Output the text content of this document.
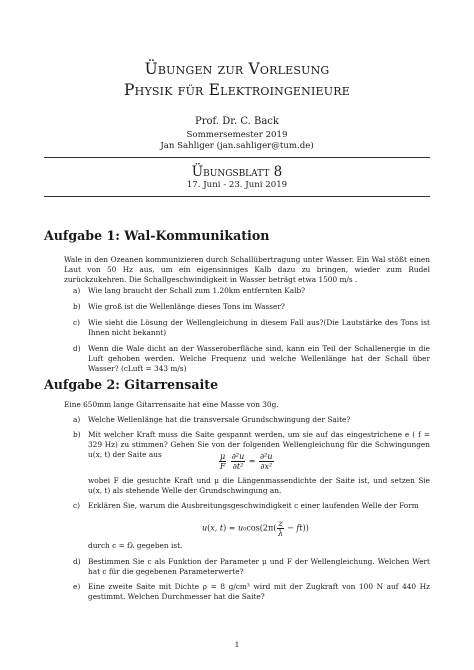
Übungen zur Vorlesung
Physik für Elektroingenieure
Prof. Dr. C. Back
Sommersemester 2019
Jan Sahliger (jan.sahliger@tum.de)
Übungsblatt 8
17. Juni - 23. Juni 2019
Aufgabe 1: Wal-Kommunikation
Wale in den Ozeanen kommunizieren durch Schallübertragung unter Wasser. Ein Wal stößt einen Laut von 50 Hz aus, um ein eigensinniges Kalb dazu zu bringen, wieder zum Rudel zurückzukehren. Die Schallgeschwindigkeit in Wasser beträgt etwa 1500 m/s .
a) Wie lang braucht der Schall zum 1.20km entfernten Kalb?
b) Wie groß ist die Wellenlänge dieses Tons im Wasser?
c) Wie sieht die Lösung der Wellengleichung in diesem Fall aus?(Die Lautstärke des Tons ist Ihnen nicht bekannt)
d) Wenn die Wale dicht an der Wasseroberfläche sind, kann ein Teil der Schallenergie in die Luft gehoben werden. Welche Frequenz und welche Wellenlänge hat der Schall über Wasser? (cLuft = 343 m/s)
Aufgabe 2: Gitarrensaite
Eine 650mm lange Gitarrensaite hat eine Masse von 30g.
a) Welche Wellenlänge hat die transversale Grundschwingung der Saite?
b) Mit welcher Kraft muss die Saite gespannt werden, um sie auf das eingestrichene e ( f = 329 Hz) zu stimmen? Gehen Sie von der folgenden Wellengleichung für die Schwingungen u(x, t) der Saite aus	$\frac{\mu}{F}$
$\frac{\text{∂²u}}{\text{∂t²}} = \frac{\text{∂²u}}{\text{∂x²}}$
wobei F die gesuchte Kraft und μ die Längenmassendichte der Saite ist, und setzen Sie u(x, t) als stehende Welle der Grundschwingung an.
c) Erklären Sie, warum die Ausbreitungsgeschwindigkeit c einer laufenden Welle der Form
u(x, $t) = u_0\cos(2\pi( \frac{z}{\lambda} - ft))$
durch c = fλ gegeben ist.
d) Bestimmen Sie c als Funktion der Parameter μ und F der Wellengleichung. Welchen Wert hat c für die gegebenen Parameterwerte?
e) Eine zweite Saite mit Dichte ρ = 8 g/cm³ wird mit der Zugkraft von 100 N auf 440 Hz gestimmt. Welchen Durchmesser hat die Saite?
1
